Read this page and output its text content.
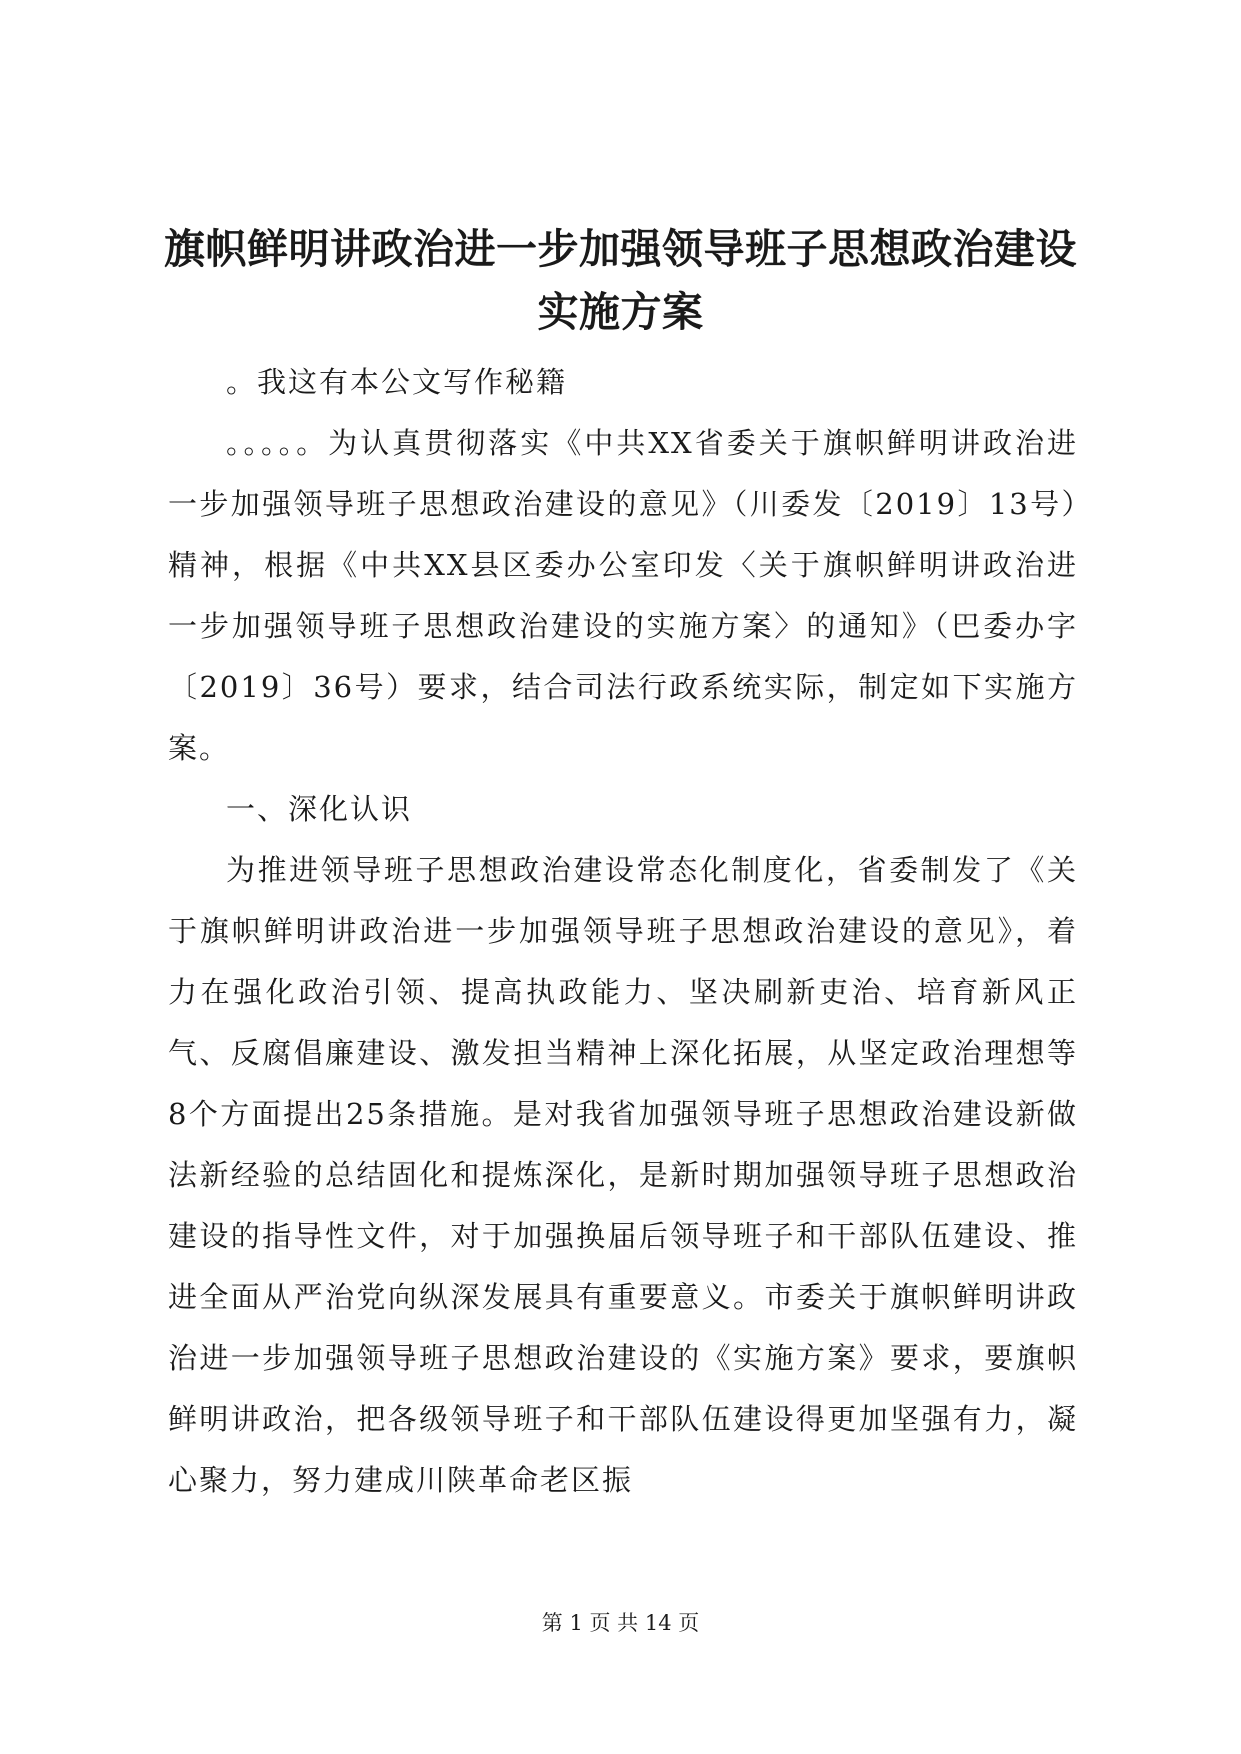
旗帜鲜明讲政治进一步加强领导班子思想政治建设实施方案

。我这有本公文写作秘籍

。。。。。为认真贯彻落实《中共XX省委关于旗帜鲜明讲政治进一步加强领导班子思想政治建设的意见》（川委发〔2019〕13号）精神，根据《中共XX县区委办公室印发〈关于旗帜鲜明讲政治进一步加强领导班子思想政治建设的实施方案〉的通知》（巴委办字〔2019〕36号）要求，结合司法行政系统实际，制定如下实施方案。

一、深化认识

为推进领导班子思想政治建设常态化制度化，省委制发了《关于旗帜鲜明讲政治进一步加强领导班子思想政治建设的意见》，着力在强化政治引领、提高执政能力、坚决刷新吏治、培育新风正气、反腐倡廉建设、激发担当精神上深化拓展，从坚定政治理想等8个方面提出25条措施。是对我省加强领导班子思想政治建设新做法新经验的总结固化和提炼深化，是新时期加强领导班子思想政治建设的指导性文件，对于加强换届后领导班子和干部队伍建设、推进全面从严治党向纵深发展具有重要意义。市委关于旗帜鲜明讲政治进一步加强领导班子思想政治建设的《实施方案》要求，要旗帜鲜明讲政治，把各级领导班子和干部队伍建设得更加坚强有力，凝心聚力，努力建成川陕革命老区振

第 1 页 共 14 页
